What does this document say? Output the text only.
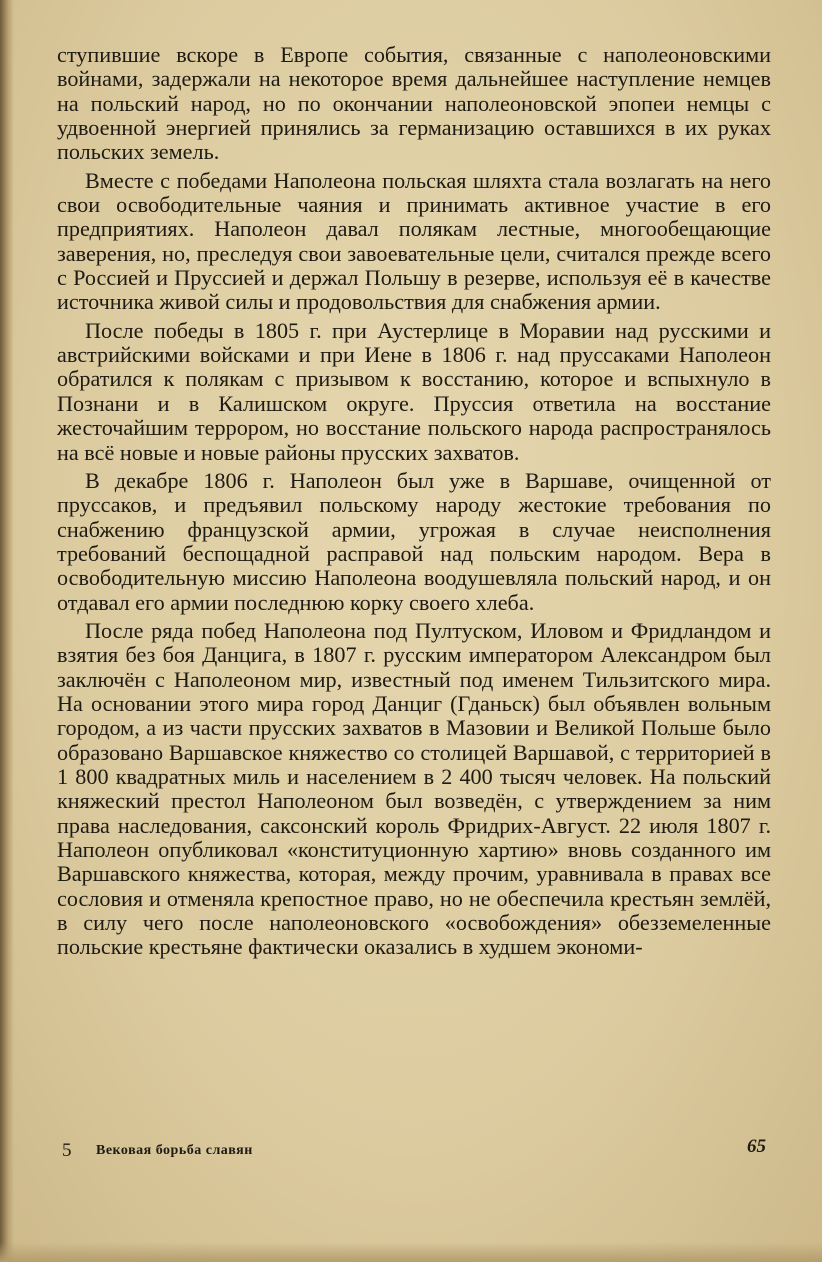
ступившие вскоре в Европе события, связанные с наполеоновскими войнами, задержали на некоторое время дальнейшее наступление немцев на польский народ, но по окончании наполеоновской эпопеи немцы с удвоенной энергией принялись за германизацию оставшихся в их руках польских земель.

Вместе с победами Наполеона польская шляхта стала возлагать на него свои освободительные чаяния и принимать активное участие в его предприятиях. Наполеон давал полякам лестные, многообещающие заверения, но, преследуя свои завоевательные цели, считался прежде всего с Россией и Пруссией и держал Польшу в резерве, используя её в качестве источника живой силы и продовольствия для снабжения армии.

После победы в 1805 г. при Аустерлице в Моравии над русскими и австрийскими войсками и при Иене в 1806 г. над пруссаками Наполеон обратился к полякам с призывом к восстанию, которое и вспыхнуло в Познани и в Калишском округе. Пруссия ответила на восстание жесточайшим террором, но восстание польского народа распространялось на всё новые и новые районы прусских захватов.

В декабре 1806 г. Наполеон был уже в Варшаве, очищенной от пруссаков, и предъявил польскому народу жестокие требования по снабжению французской армии, угрожая в случае неисполнения требований беспощадной расправой над польским народом. Вера в освободительную миссию Наполеона воодушевляла польский народ, и он отдавал его армии последнюю корку своего хлеба.

После ряда побед Наполеона под Пултуском, Иловом и Фридландом и взятия без боя Данцига, в 1807 г. русским императором Александром был заключён с Наполеоном мир, известный под именем Тильзитского мира. На основании этого мира город Данциг (Гданьск) был объявлен вольным городом, а из части прусских захватов в Мазовии и Великой Польше было образовано Варшавское княжество со столицей Варшавой, с территорией в 1 800 квадратных миль и населением в 2 400 тысяч человек. На польский княжеский престол Наполеоном был возведён, с утверждением за ним права наследования, саксонский король Фридрих-Август. 22 июля 1807 г. Наполеон опубликовал «конституционную хартию» вновь созданного им Варшавского княжества, которая, между прочим, уравнивала в правах все сословия и отменяла крепостное право, но не обеспечила крестьян землёй, в силу чего после наполеоновского «освобождения» обезземеленные польские крестьяне фактически оказались в худшем экономи-

5 Вековая борьба славян	65
